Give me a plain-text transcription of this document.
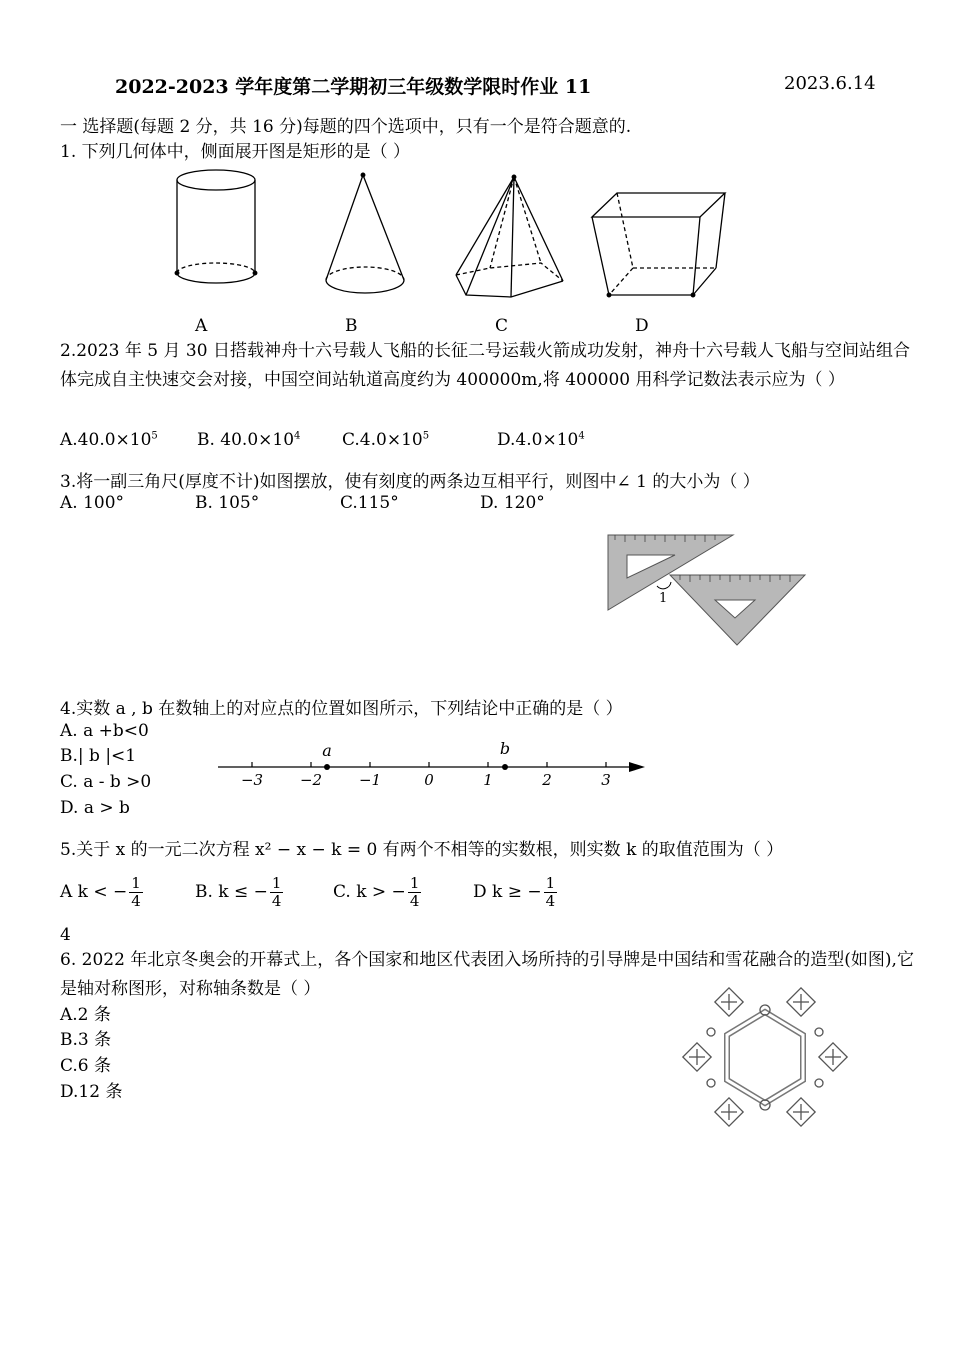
2022-2023 学年度第二学期初三年级数学限时作业 11	2023.6.14
一 选择题(每题 2 分，共 16 分)每题的四个选项中，只有一个是符合题意的.
1. 下列几何体中，侧面展开图是矩形的是（ ）
A	B	C	D
2.2023 年 5 月 30 日搭载神舟十六号载人飞船的长征二号运载火箭成功发射，神舟十六号载人飞船与空间站组合体完成自主快速交会对接，中国空间站轨道高度约为 400000m,将 400000 用科学记数法表示应为（ ）
$A.40.0\times 10^5$ B. $40.0\times 10^4$ $C.4.0\times 10^5$	$D.4.0\times 10^4$
3.将一副三角尺(厚度不计)如图摆放，使有刻度的两条边互相平行，则图中∠ 1 的大小为（ ）
A. 100°	B. 105°	C.115°	D. 120°
1
4.实数 a , b 在数轴上的对应点的位置如图所示，下列结论中正确的是（ ）
A. a +b<0
B.| b |<1
C. a - b >0
D. a > b
−3 −2 −1	0	1	2	3
a	b
5.关于 x 的一元二次方程 x² − x − k = 0 有两个不相等的实数根，则实数 k 的取值范围为（ ）
A k < − $\frac{1}{4}$	B. k ≤ − $\frac{1}{4}$	C. k > − $\frac{1}{4}$	D k ≥ − $\frac{1}{4}$
4
6. 2022 年北京冬奥会的开幕式上，各个国家和地区代表团入场所持的引导牌是中国结和雪花融合的造型(如图),它是轴对称图形，对称轴条数是（ ）
A.2 条
B.3 条
C.6 条
D.12 条
